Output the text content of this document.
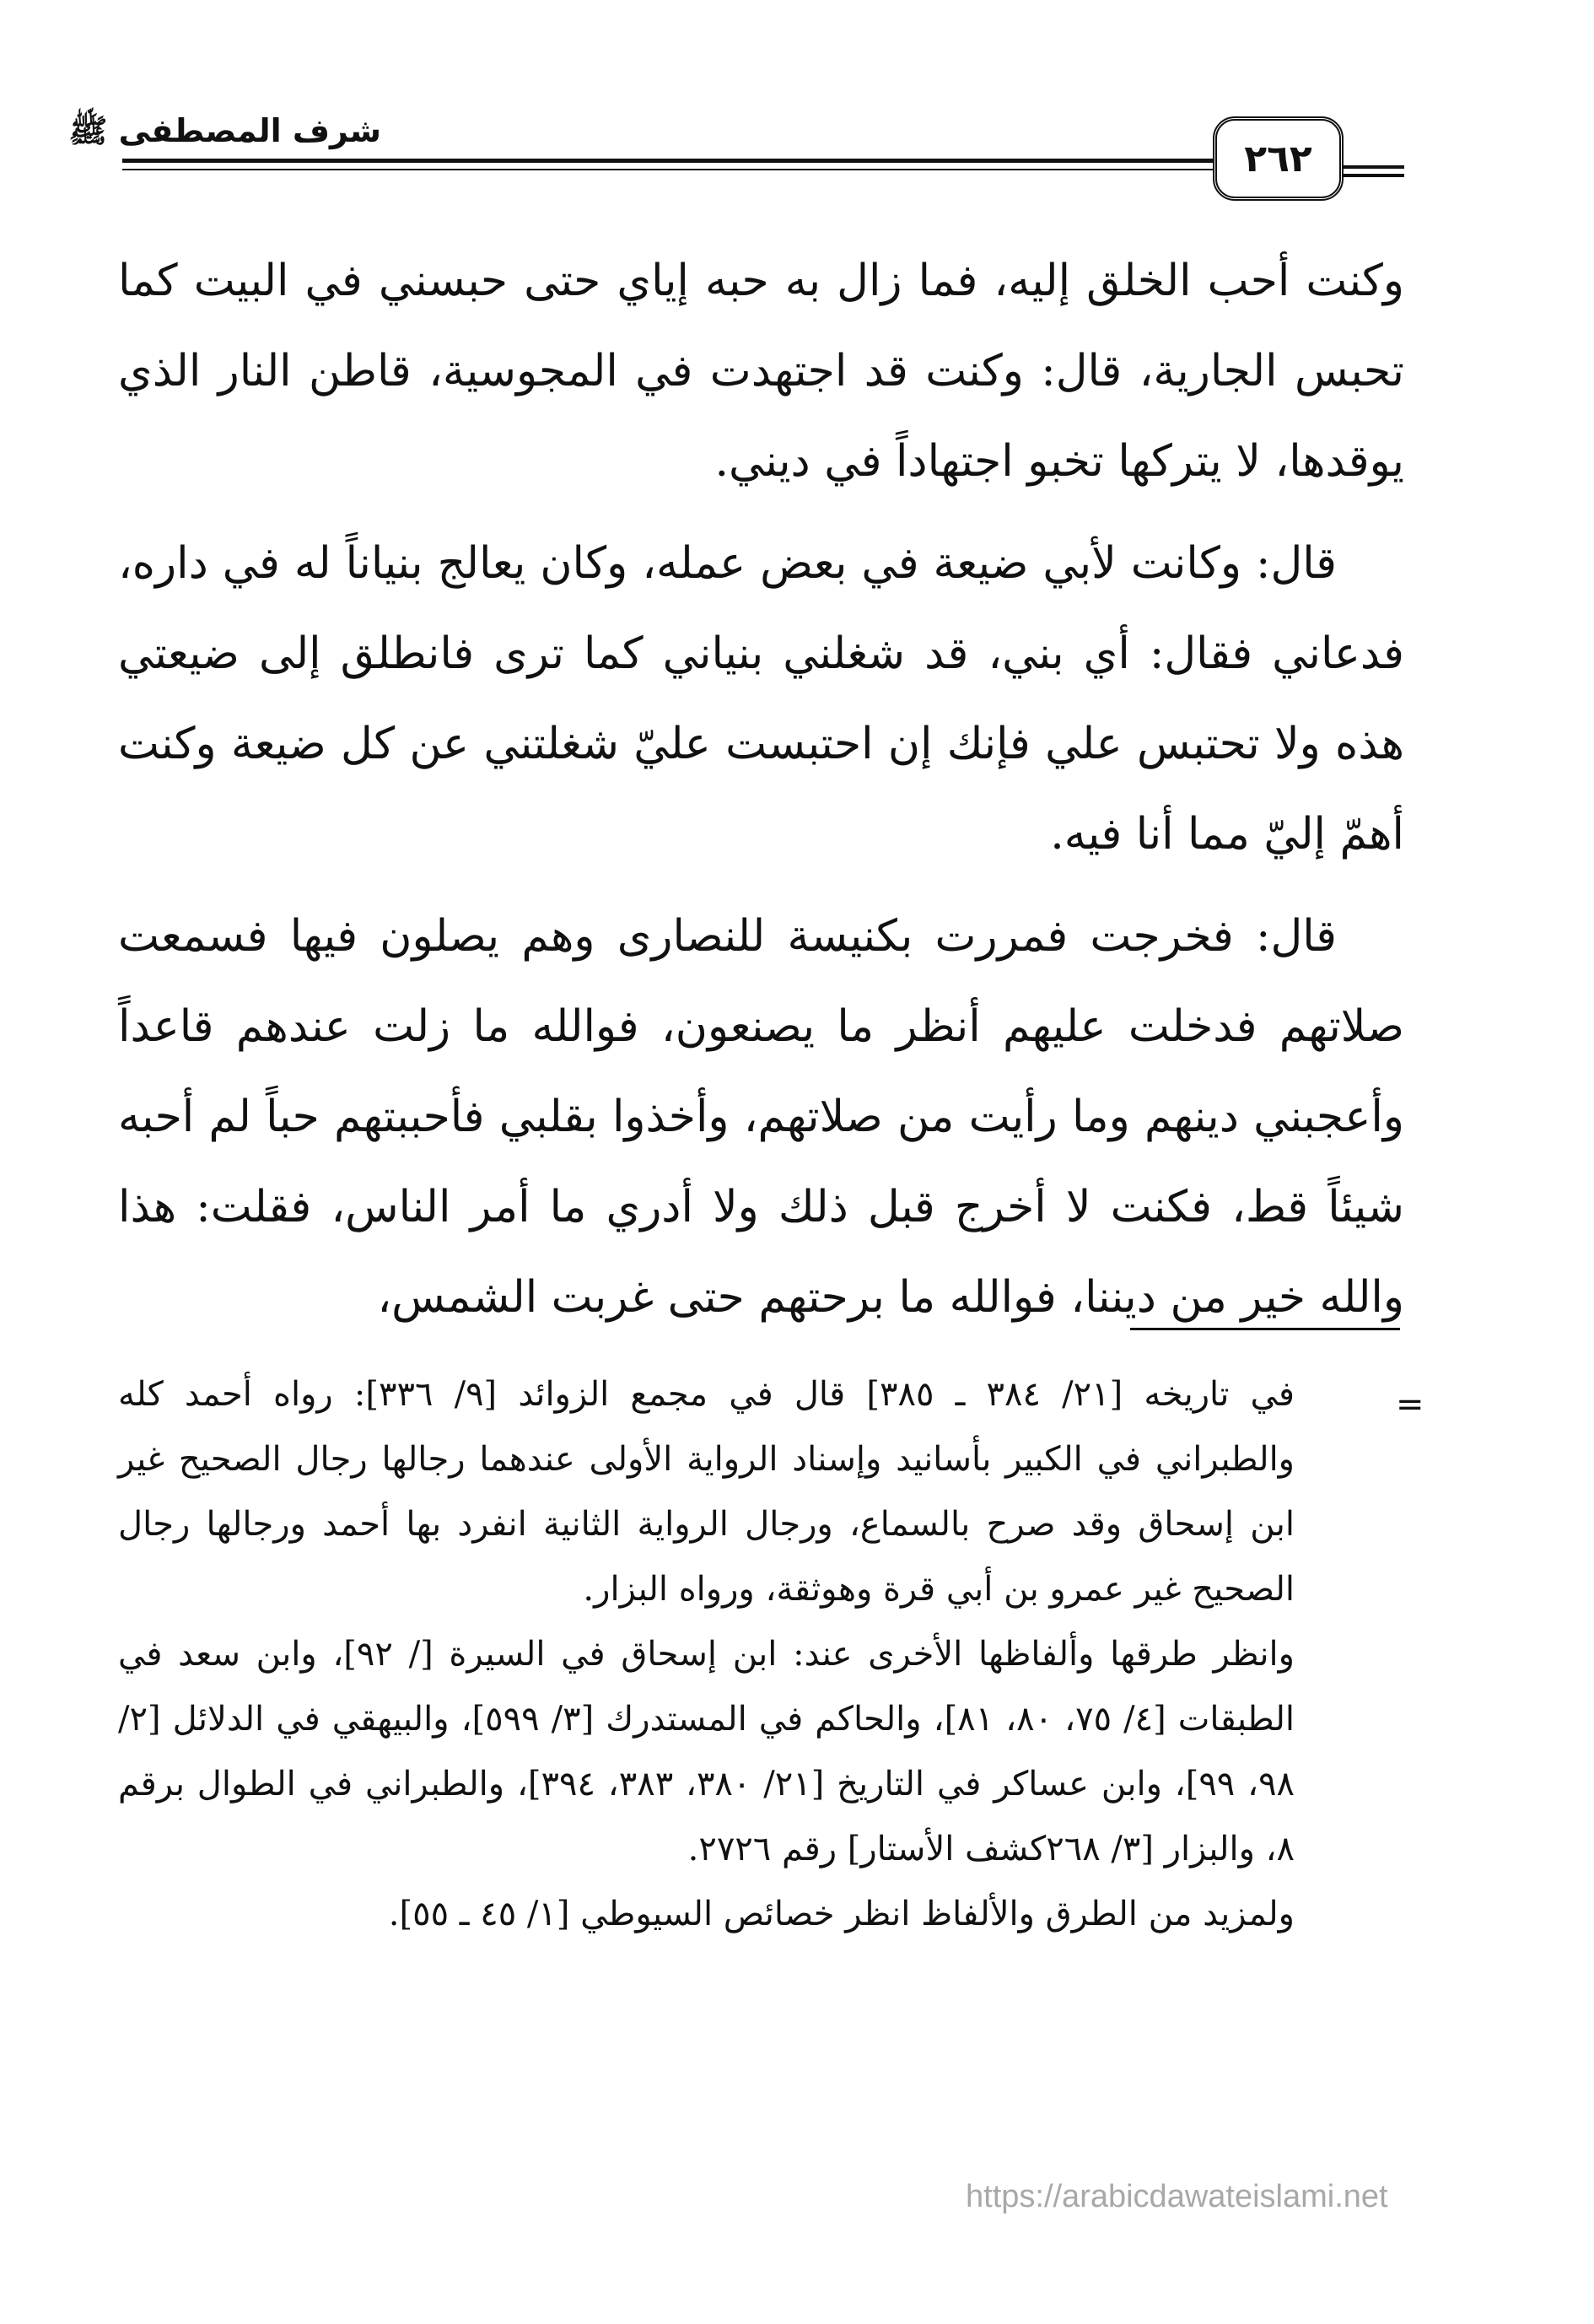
شرف المصطفى ﷺ
٢٦٢

وكنت أحب الخلق إليه، فما زال به حبه إياي حتى حبسني في البيت كما تحبس الجارية، قال: وكنت قد اجتهدت في المجوسية، قاطن النار الذي يوقدها، لا يتركها تخبو اجتهاداً في ديني.

قال: وكانت لأبي ضيعة في بعض عمله، وكان يعالج بنياناً له في داره، فدعاني فقال: أي بني، قد شغلني بنياني كما ترى فانطلق إلى ضيعتي هذه ولا تحتبس علي فإنك إن احتبست عليّ شغلتني عن كل ضيعة وكنت أهمّ إليّ مما أنا فيه.

قال: فخرجت فمررت بكنيسة للنصارى وهم يصلون فيها فسمعت صلاتهم فدخلت عليهم أنظر ما يصنعون، فوالله ما زلت عندهم قاعداً وأعجبني دينهم وما رأيت من صلاتهم، وأخذوا بقلبي فأحببتهم حباً لم أحبه شيئاً قط، فكنت لا أخرج قبل ذلك ولا أدري ما أمر الناس، فقلت: هذا والله خير من ديننا، فوالله ما برحتهم حتى غربت الشمس،

=

في تاريخه [٢١/ ٣٨٤ ـ ٣٨٥] قال في مجمع الزوائد [٩/ ٣٣٦]: رواه أحمد كله والطبراني في الكبير بأسانيد وإسناد الرواية الأولى عندهما رجالها رجال الصحيح غير ابن إسحاق وقد صرح بالسماع، ورجال الرواية الثانية انفرد بها أحمد ورجالها رجال الصحيح غير عمرو بن أبي قرة وهوثقة، ورواه البزار.

وانظر طرقها وألفاظها الأخرى عند: ابن إسحاق في السيرة [/ ٩٢]، وابن سعد في الطبقات [٤/ ٧٥، ٨٠، ٨١]، والحاكم في المستدرك [٣/ ٥٩٩]، والبيهقي في الدلائل [٢/ ٩٨، ٩٩]، وابن عساكر في التاريخ [٢١/ ٣٨٠، ٣٨٣، ٣٩٤]، والطبراني في الطوال برقم ٨، والبزار [٣/ ٢٦٨كشف الأستار] رقم ٢٧٢٦.

ولمزيد من الطرق والألفاظ انظر خصائص السيوطي [١/ ٤٥ ـ ٥٥].

https://arabicdawateislami.net
